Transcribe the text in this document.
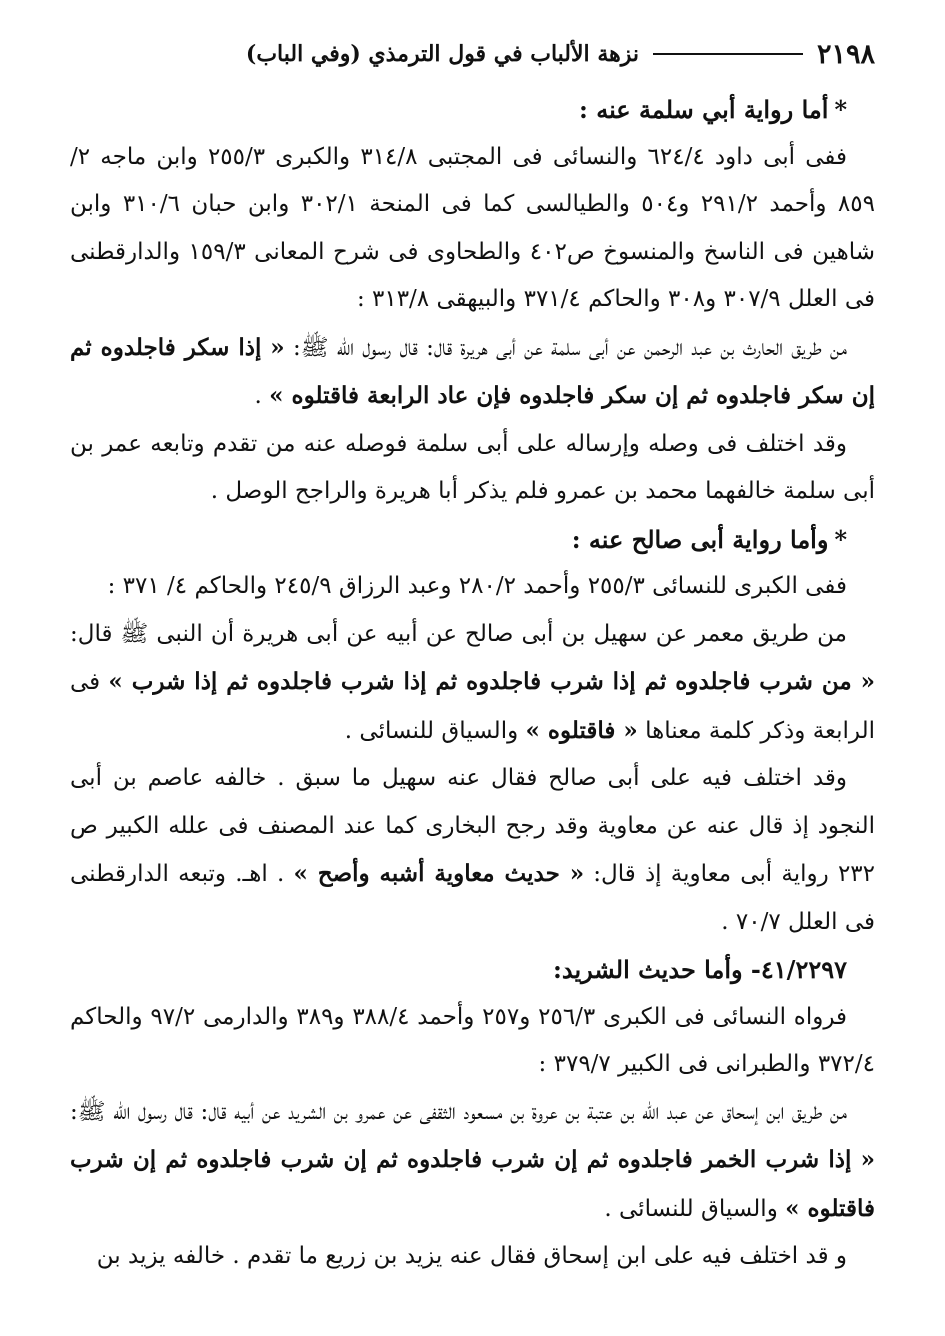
٢١٩٨
نزهة الألباب في قول الترمذي (وفي الباب)

*أما رواية أبي سلمة عنه :

ففى أبى داود ٦٢٤/٤ والنسائى فى المجتبى ٣١٤/٨ والكبرى ٢٥٥/٣ وابن ماجه ٢/ ٨٥٩ وأحمد ٢٩١/٢ و٥٠٤ والطيالسى كما فى المنحة ٣٠٢/١ وابن حبان ٣١٠/٦ وابن شاهين فى الناسخ والمنسوخ ص٤٠٢ والطحاوى فى شرح المعانى ١٥٩/٣ والدارقطنى فى العلل ٣٠٧/٩ و٣٠٨ والحاكم ٣٧١/٤ والبيهقى ٣١٣/٨ :

من طريق الحارث بن عبد الرحمن عن أبى سلمة عن أبى هريرة قال: قال رسول الله ﷺ: « إذا سكر فاجلدوه ثم إن سكر فاجلدوه ثم إن سكر فاجلدوه فإن عاد الرابعة فاقتلوه » .

وقد اختلف فى وصله وإرساله على أبى سلمة فوصله عنه من تقدم وتابعه عمر بن أبى سلمة خالفهما محمد بن عمرو فلم يذكر أبا هريرة والراجح الوصل .

*وأما رواية أبى صالح عنه :

ففى الكبرى للنسائى ٢٥٥/٣ وأحمد ٢٨٠/٢ وعبد الرزاق ٢٤٥/٩ والحاكم ٤/ ٣٧١ :

من طريق معمر عن سهيل بن أبى صالح عن أبيه عن أبى هريرة أن النبى ﷺ قال: « من شرب فاجلدوه ثم إذا شرب فاجلدوه ثم إذا شرب فاجلدوه ثم إذا شرب » فى الرابعة وذكر كلمة معناها « فاقتلوه » والسياق للنسائى .

وقد اختلف فيه على أبى صالح فقال عنه سهيل ما سبق . خالفه عاصم بن أبى النجود إذ قال عنه عن معاوية وقد رجح البخارى كما عند المصنف فى علله الكبير ص ٢٣٢ رواية أبى معاوية إذ قال: « حديث معاوية أشبه وأصح » . اهـ. وتبعه الدارقطنى فى العلل ٧٠/٧ .

٤١/٢٢٩٧- وأما حديث الشريد:

فرواه النسائى فى الكبرى ٢٥٦/٣ و٢٥٧ وأحمد ٣٨٨/٤ و٣٨٩ والدارمى ٩٧/٢ والحاكم ٣٧٢/٤ والطبرانى فى الكبير ٣٧٩/٧ :

من طريق ابن إسحاق عن عبد الله بن عتبة بن عروة بن مسعود الثقفى عن عمرو بن الشريد عن أبيه قال: قال رسول الله ﷺ: « إذا شرب الخمر فاجلدوه ثم إن شرب فاجلدوه ثم إن شرب فاجلدوه ثم إن شرب فاقتلوه » والسياق للنسائى .

و قد اختلف فيه على ابن إسحاق فقال عنه يزيد بن زريع ما تقدم . خالفه يزيد بن
